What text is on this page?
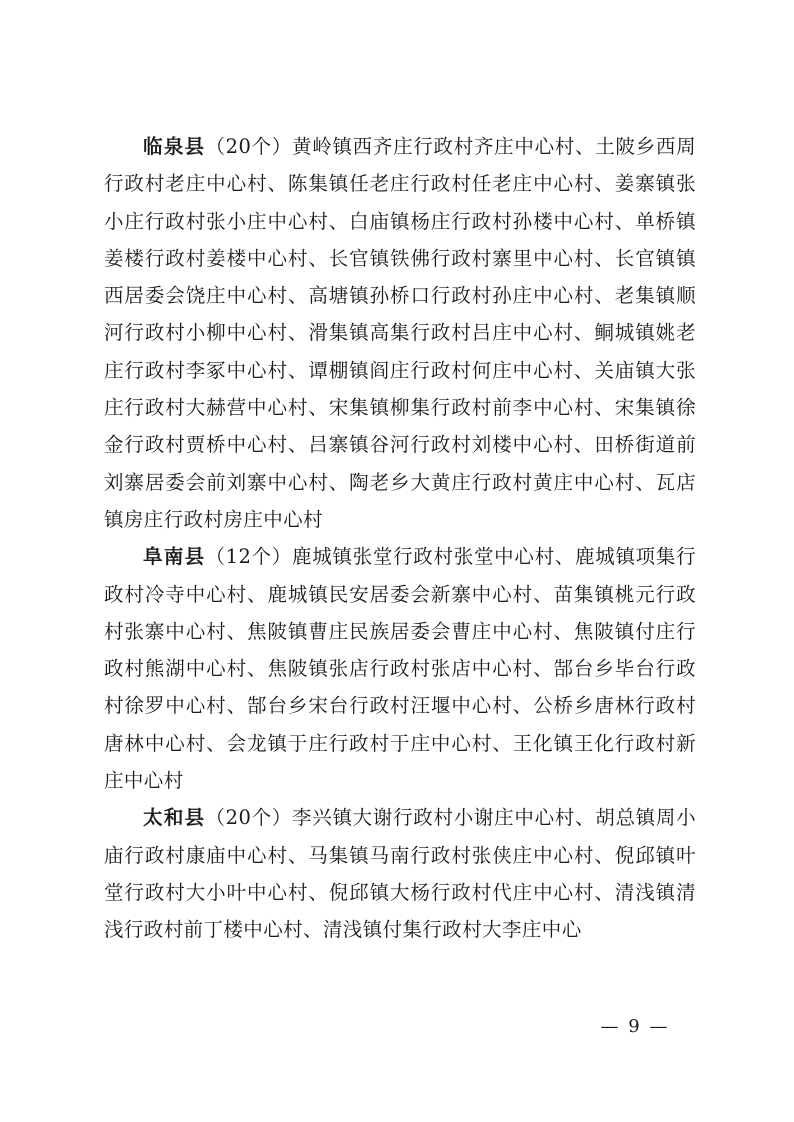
临泉县（20个）黄岭镇西齐庄行政村齐庄中心村、土陂乡西周行政村老庄中心村、陈集镇任老庄行政村任老庄中心村、姜寨镇张小庄行政村张小庄中心村、白庙镇杨庄行政村孙楼中心村、单桥镇姜楼行政村姜楼中心村、长官镇铁佛行政村寨里中心村、长官镇镇西居委会饶庄中心村、高塘镇孙桥口行政村孙庄中心村、老集镇顺河行政村小柳中心村、滑集镇高集行政村吕庄中心村、鲖城镇姚老庄行政村李冢中心村、谭棚镇阎庄行政村何庄中心村、关庙镇大张庄行政村大赫营中心村、宋集镇柳集行政村前李中心村、宋集镇徐金行政村贾桥中心村、吕寨镇谷河行政村刘楼中心村、田桥街道前刘寨居委会前刘寨中心村、陶老乡大黄庄行政村黄庄中心村、瓦店镇房庄行政村房庄中心村

阜南县（12个）鹿城镇张堂行政村张堂中心村、鹿城镇项集行政村冷寺中心村、鹿城镇民安居委会新寨中心村、苗集镇桃元行政村张寨中心村、焦陂镇曹庄民族居委会曹庄中心村、焦陂镇付庄行政村熊湖中心村、焦陂镇张店行政村张店中心村、郜台乡毕台行政村徐罗中心村、郜台乡宋台行政村汪堰中心村、公桥乡唐林行政村唐林中心村、会龙镇于庄行政村于庄中心村、王化镇王化行政村新庄中心村

太和县（20个）李兴镇大谢行政村小谢庄中心村、胡总镇周小庙行政村康庙中心村、马集镇马南行政村张侠庄中心村、倪邱镇叶堂行政村大小叶中心村、倪邱镇大杨行政村代庄中心村、清浅镇清浅行政村前丁楼中心村、清浅镇付集行政村大李庄中心

— 9 —
